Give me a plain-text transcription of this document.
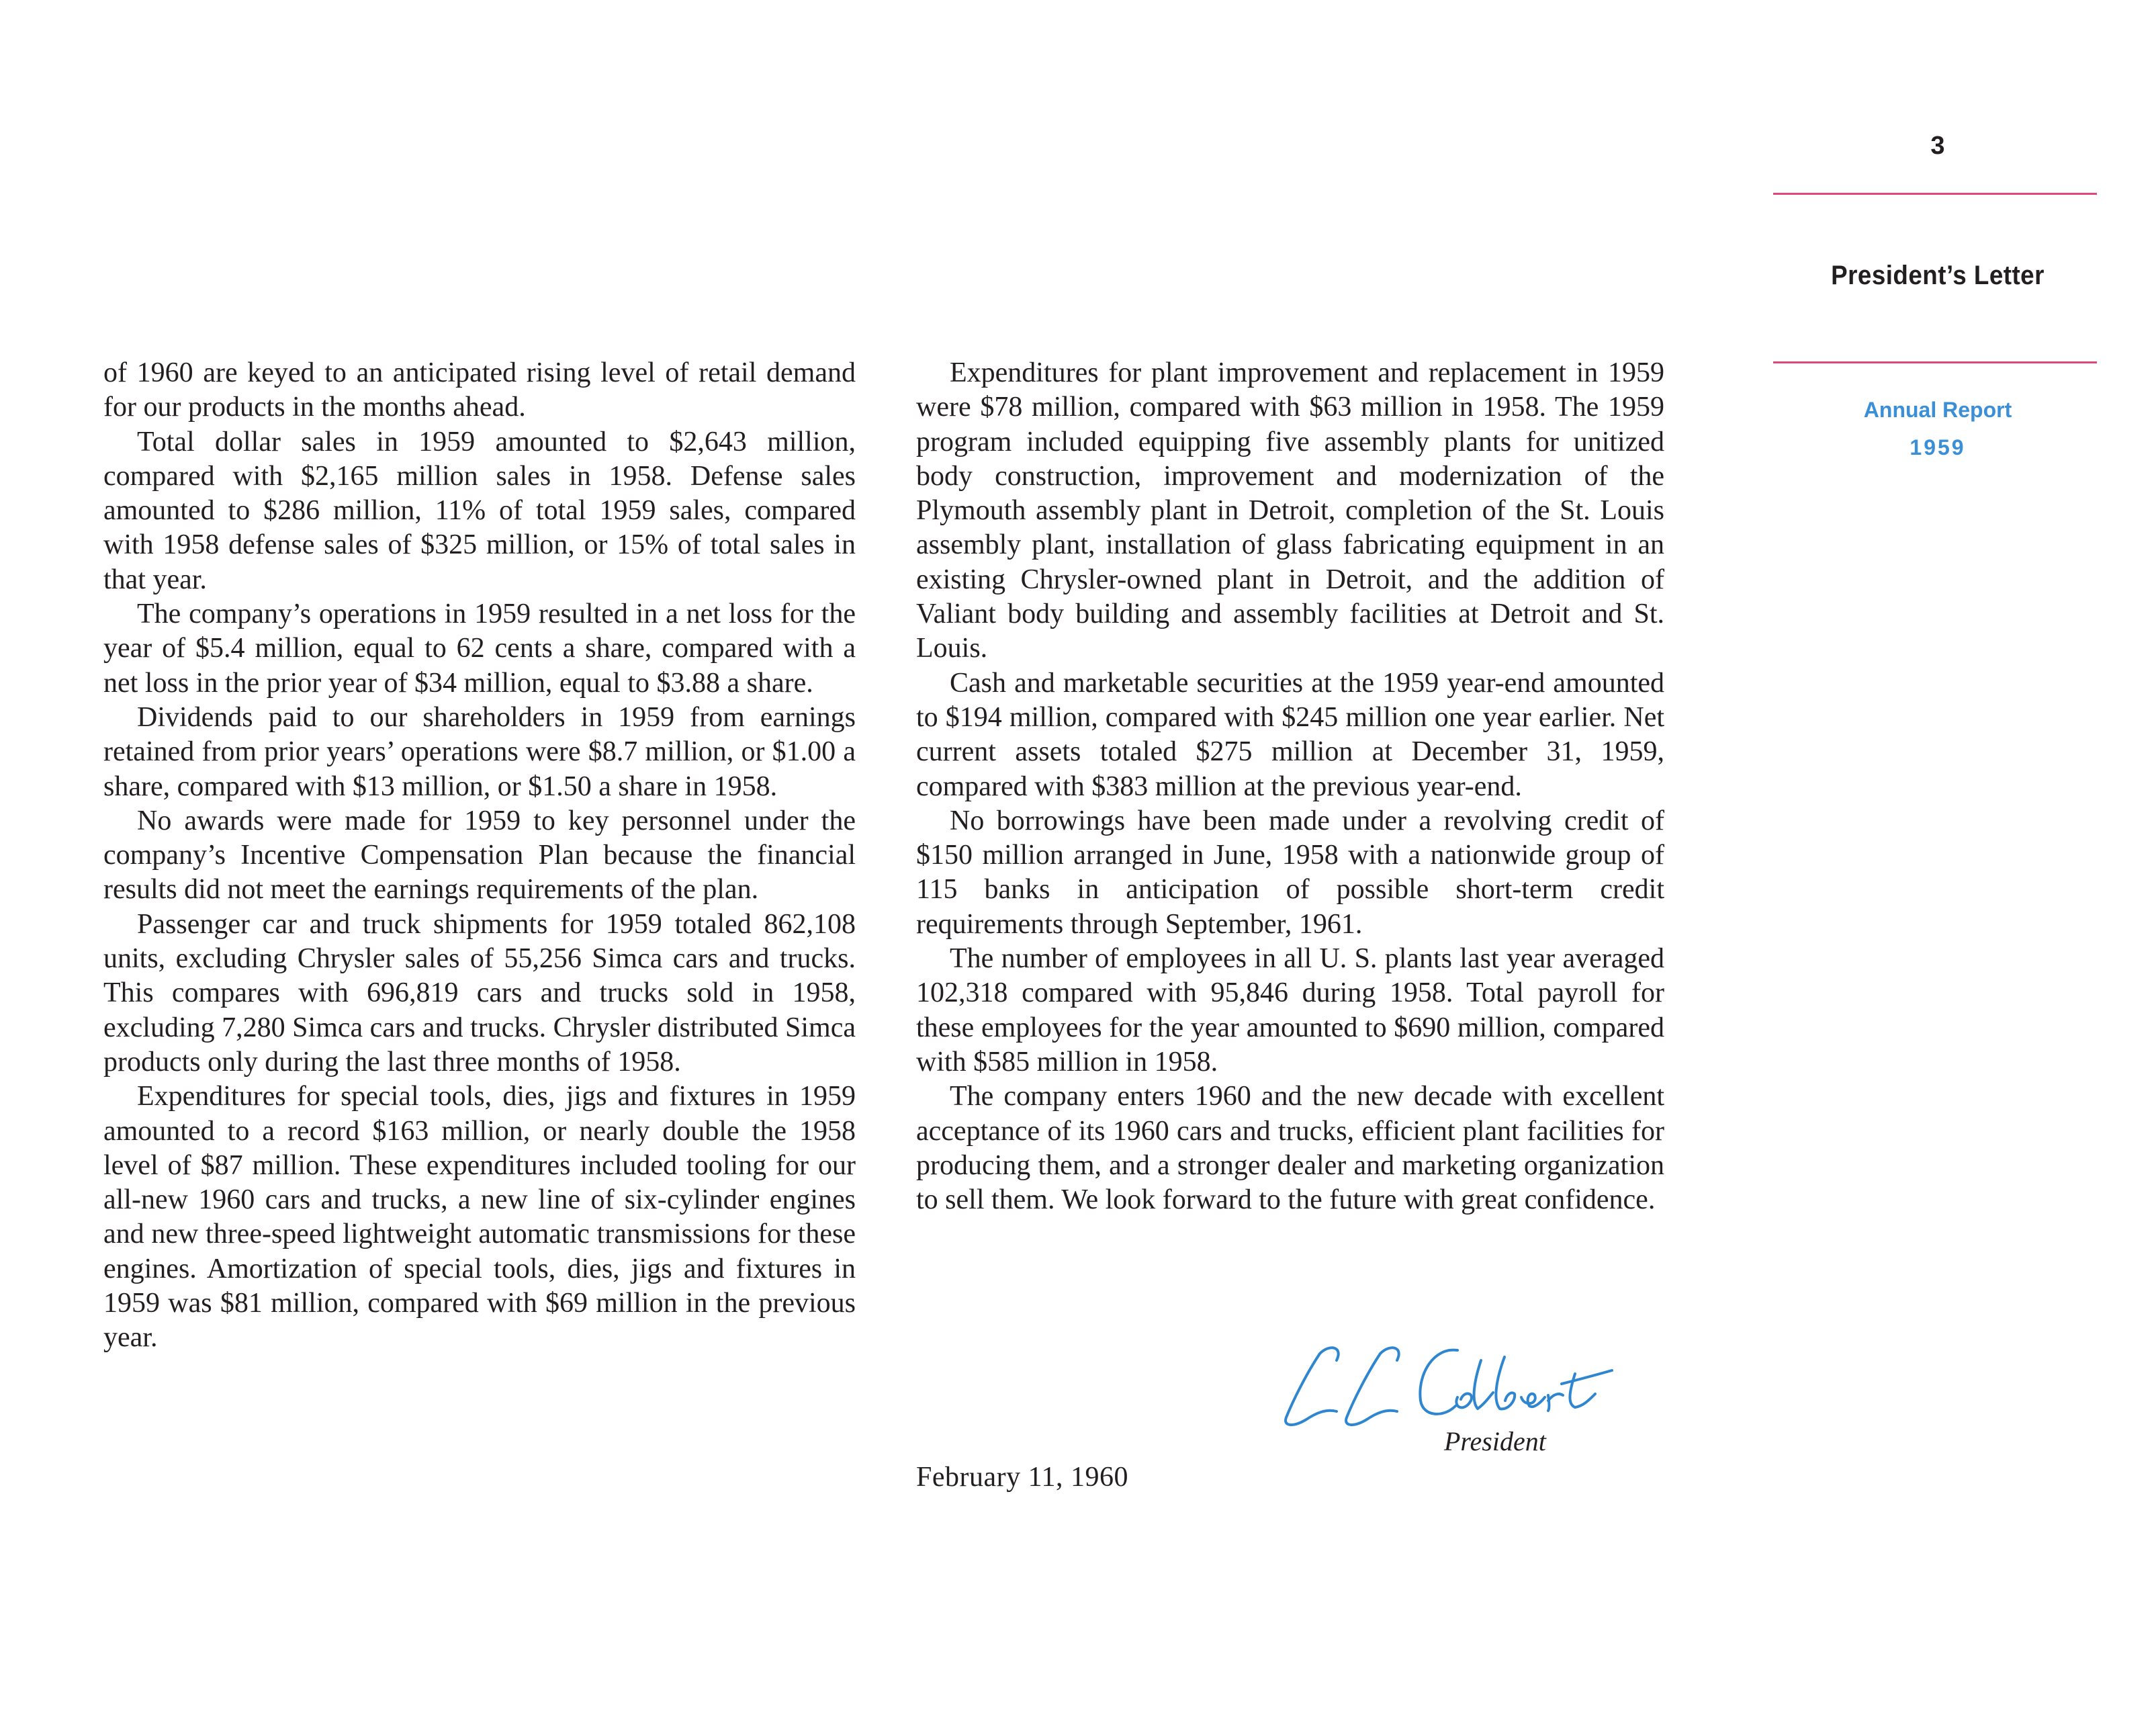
of 1960 are keyed to an anticipated rising level of retail demand for our products in the months ahead.

Total dollar sales in 1959 amounted to $2,643 million, compared with $2,165 million sales in 1958. Defense sales amounted to $286 million, 11% of total 1959 sales, compared with 1958 defense sales of $325 million, or 15% of total sales in that year.

The company’s operations in 1959 resulted in a net loss for the year of $5.4 million, equal to 62 cents a share, compared with a net loss in the prior year of $34 million, equal to $3.88 a share.

Dividends paid to our shareholders in 1959 from earnings retained from prior years’ operations were $8.7 million, or $1.00 a share, compared with $13 million, or $1.50 a share in 1958.

No awards were made for 1959 to key personnel under the company’s Incentive Compensation Plan because the financial results did not meet the earnings requirements of the plan.

Passenger car and truck shipments for 1959 totaled 862,108 units, excluding Chrysler sales of 55,256 Simca cars and trucks. This compares with 696,819 cars and trucks sold in 1958, excluding 7,280 Simca cars and trucks. Chrysler distributed Simca products only during the last three months of 1958.

Expenditures for special tools, dies, jigs and fixtures in 1959 amounted to a record $163 million, or nearly double the 1958 level of $87 million. These expenditures included tooling for our all-new 1960 cars and trucks, a new line of six-cylinder engines and new three-speed lightweight automatic transmissions for these engines. Amortization of special tools, dies, jigs and fixtures in 1959 was $81 million, compared with $69 million in the previous year.

Expenditures for plant improvement and replacement in 1959 were $78 million, compared with $63 million in 1958. The 1959 program included equipping five assembly plants for unitized body construction, improvement and modernization of the Plymouth assembly plant in Detroit, completion of the St. Louis assembly plant, installation of glass fabricating equipment in an existing Chrysler-owned plant in Detroit, and the addition of Valiant body building and assembly facilities at Detroit and St. Louis.

Cash and marketable securities at the 1959 year-end amounted to $194 million, compared with $245 million one year earlier. Net current assets totaled $275 million at December 31, 1959, compared with $383 million at the previous year-end.

No borrowings have been made under a revolving credit of $150 million arranged in June, 1958 with a nationwide group of 115 banks in anticipation of possible short-term credit requirements through September, 1961.

The number of employees in all U. S. plants last year averaged 102,318 compared with 95,846 during 1958. Total payroll for these employees for the year amounted to $690 million, compared with $585 million in 1958.

The company enters 1960 and the new decade with excellent acceptance of its 1960 cars and trucks, efficient plant facilities for producing them, and a stronger dealer and marketing organization to sell them. We look forward to the future with great confidence.

3
President’s Letter
Annual Report
1959
President
February 11, 1960
